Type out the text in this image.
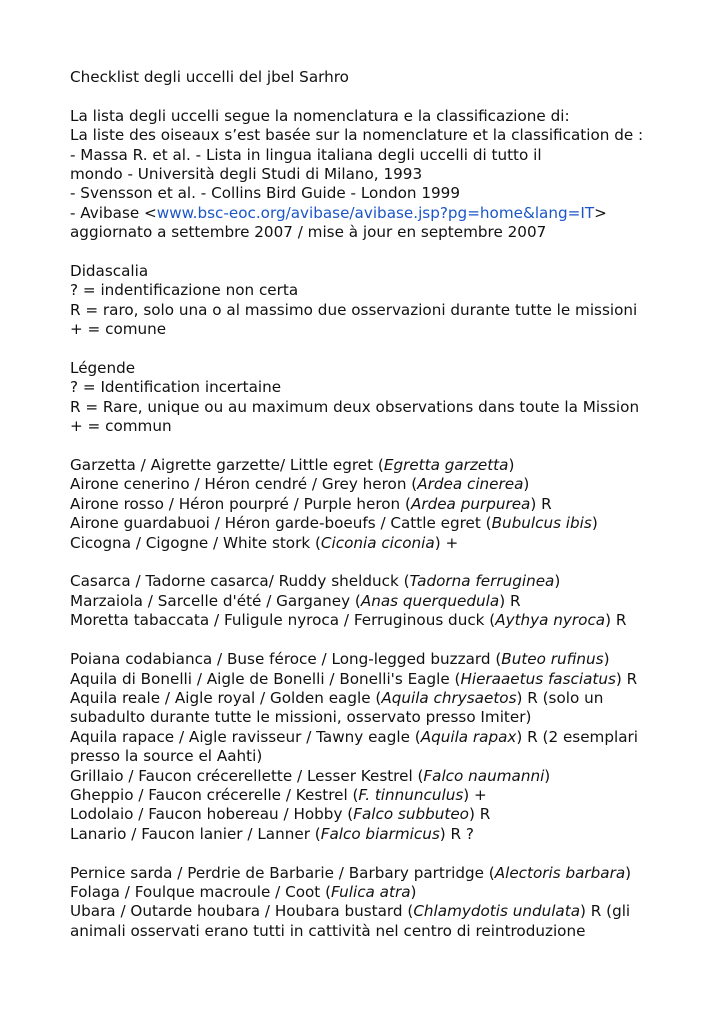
Checklist degli uccelli del jbel Sarhro
La lista degli uccelli segue la nomenclatura e la classificazione di:
La liste des oiseaux s’est basée sur la nomenclature et la classification de :
- Massa R. et al. - Lista in lingua italiana degli uccelli di tutto il
mondo - Università degli Studi di Milano, 1993
- Svensson et al. - Collins Bird Guide - London 1999
- Avibase <www.bsc-eoc.org/avibase/avibase.jsp?pg=home&lang=IT>
aggiornato a settembre 2007 / mise à jour en septembre 2007
Didascalia
? = indentificazione non certa
R = raro, solo una o al massimo due osservazioni durante tutte le missioni
+ = comune
Légende
? = Identification incertaine
R = Rare, unique ou au maximum deux observations dans toute la Mission
+ = commun
Garzetta / Aigrette garzette/ Little egret (Egretta garzetta)
Airone cenerino / Héron cendré / Grey heron (Ardea cinerea)
Airone rosso / Héron pourpré / Purple heron (Ardea purpurea) R
Airone guardabuoi / Héron garde-boeufs / Cattle egret (Bubulcus ibis)
Cicogna / Cigogne / White stork (Ciconia ciconia) +
Casarca / Tadorne casarca/ Ruddy shelduck (Tadorna ferruginea)
Marzaiola / Sarcelle d'été / Garganey (Anas querquedula) R
Moretta tabaccata / Fuligule nyroca / Ferruginous duck (Aythya nyroca) R
Poiana codabianca / Buse féroce / Long-legged buzzard (Buteo rufinus)
Aquila di Bonelli / Aigle de Bonelli / Bonelli's Eagle (Hieraaetus fasciatus) R
Aquila reale / Aigle royal / Golden eagle (Aquila chrysaetos) R (solo un
subadulto durante tutte le missioni, osservato presso Imiter)
Aquila rapace / Aigle ravisseur / Tawny eagle (Aquila rapax) R (2 esemplari
presso la source el Aahti)
Grillaio / Faucon crécerellette / Lesser Kestrel (Falco naumanni)
Gheppio / Faucon crécerelle / Kestrel (F. tinnunculus) +
Lodolaio / Faucon hobereau / Hobby (Falco subbuteo) R
Lanario / Faucon lanier / Lanner (Falco biarmicus) R ?
Pernice sarda / Perdrie de Barbarie / Barbary partridge (Alectoris barbara)
Folaga / Foulque macroule / Coot (Fulica atra)
Ubara / Outarde houbara / Houbara bustard (Chlamydotis undulata) R (gli
animali osservati erano tutti in cattività nel centro di reintroduzione
